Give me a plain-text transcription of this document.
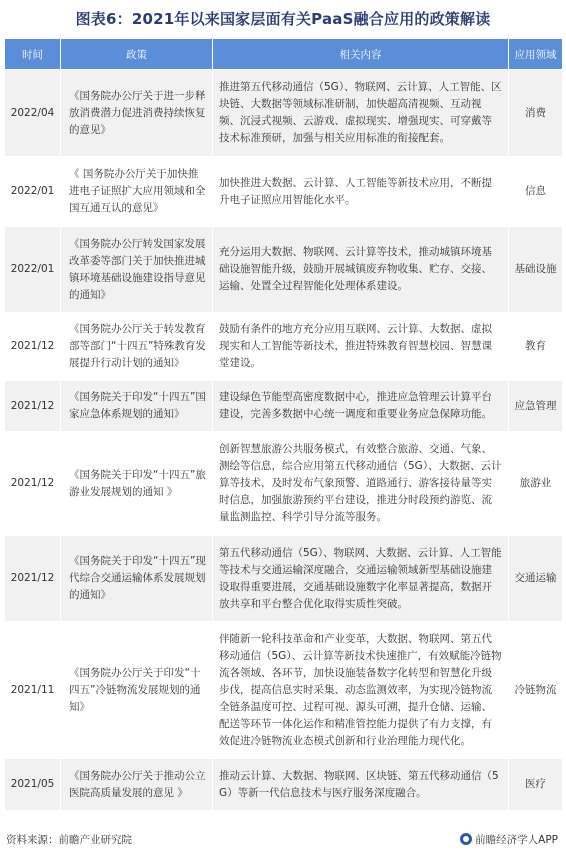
图表6：2021年以来国家层面有关PaaS融合应用的政策解读
时间	政策	相关内容	应用领域
2022/04	《国务院办公厅关于进一步释放消费潜力促进消费持续恢复的意见》	推进第五代移动通信（5G）、物联网、云计算、人工智能、区块链、大数据等领域标准研制，加快超高清视频、互动视频、沉浸式视频、云游戏、虚拟现实、增强现实、可穿戴等技术标准预研，加强与相关应用标准的衔接配套。	消费
2022/01	《 国务院办公厅关于加快推进电子证照扩大应用领域和全国互通互认的意见》	加快推进大数据、云计算、人工智能等新技术应用，不断提升电子证照应用智能化水平。	信息
2022/01	《国务院办公厅转发国家发展改革委等部门关于加快推进城镇环境基础设施建设指导意见的通知》	充分运用大数据、物联网、云计算等技术，推动城镇环境基础设施智能升级，鼓励开展城镇废弃物收集、贮存、交接、运输、处置全过程智能化处理体系建设。	基础设施
2021/12	《国务院办公厅关于转发教育部等部门“十四五”特殊教育发展提升行动计划的通知》	鼓励有条件的地方充分应用互联网、云计算、大数据、虚拟现实和人工智能等新技术，推进特殊教育智慧校园、智慧课堂建设。	教育
2021/12	《国务院关于印发“十四五”国家应急体系规划的通知》	建设绿色节能型高密度数据中心，推进应急管理云计算平台建设，完善多数据中心统一调度和重要业务应急保障功能。	应急管理
2021/12	《国务院关于印发“十四五”旅游业发展规划的通知 》	创新智慧旅游公共服务模式，有效整合旅游、交通、气象、测绘等信息，综合应用第五代移动通信（5G）、大数据、云计算等技术，及时发布气象预警、道路通行、游客接待量等实时信息，加强旅游预约平台建设，推进分时段预约游览、流量监测监控、科学引导分流等服务。	旅游业
2021/12	《国务院关于印发“十四五”现代综合交通运输体系发展规划的通知》	第五代移动通信（5G）、物联网、大数据、云计算、人工智能等技术与交通运输深度融合，交通运输领域新型基础设施建设取得重要进展，交通基础设施数字化率显著提高，数据开放共享和平台整合优化取得实质性突破。	交通运输
2021/11	《国务院办公厅关于印发“十四五”冷链物流发展规划的通知》	伴随新一轮科技革命和产业变革，大数据、物联网、第五代移动通信（5G）、云计算等新技术快速推广，有效赋能冷链物流各领域、各环节，加快设施装备数字化转型和智慧化升级步伐，提高信息实时采集、动态监测效率，为实现冷链物流全链条温度可控、过程可视、源头可溯，提升仓储、运输、配送等环节一体化运作和精准管控能力提供了有力支撑，有效促进冷链物流业态模式创新和行业治理能力现代化。	冷链物流
2021/05	《国务院办公厅关于推动公立医院高质量发展的意见 》	推动云计算、大数据、物联网、区块链、第五代移动通信（5G）等新一代信息技术与医疗服务深度融合。	医疗
资料来源：前瞻产业研究院	前瞻经济学人APP
